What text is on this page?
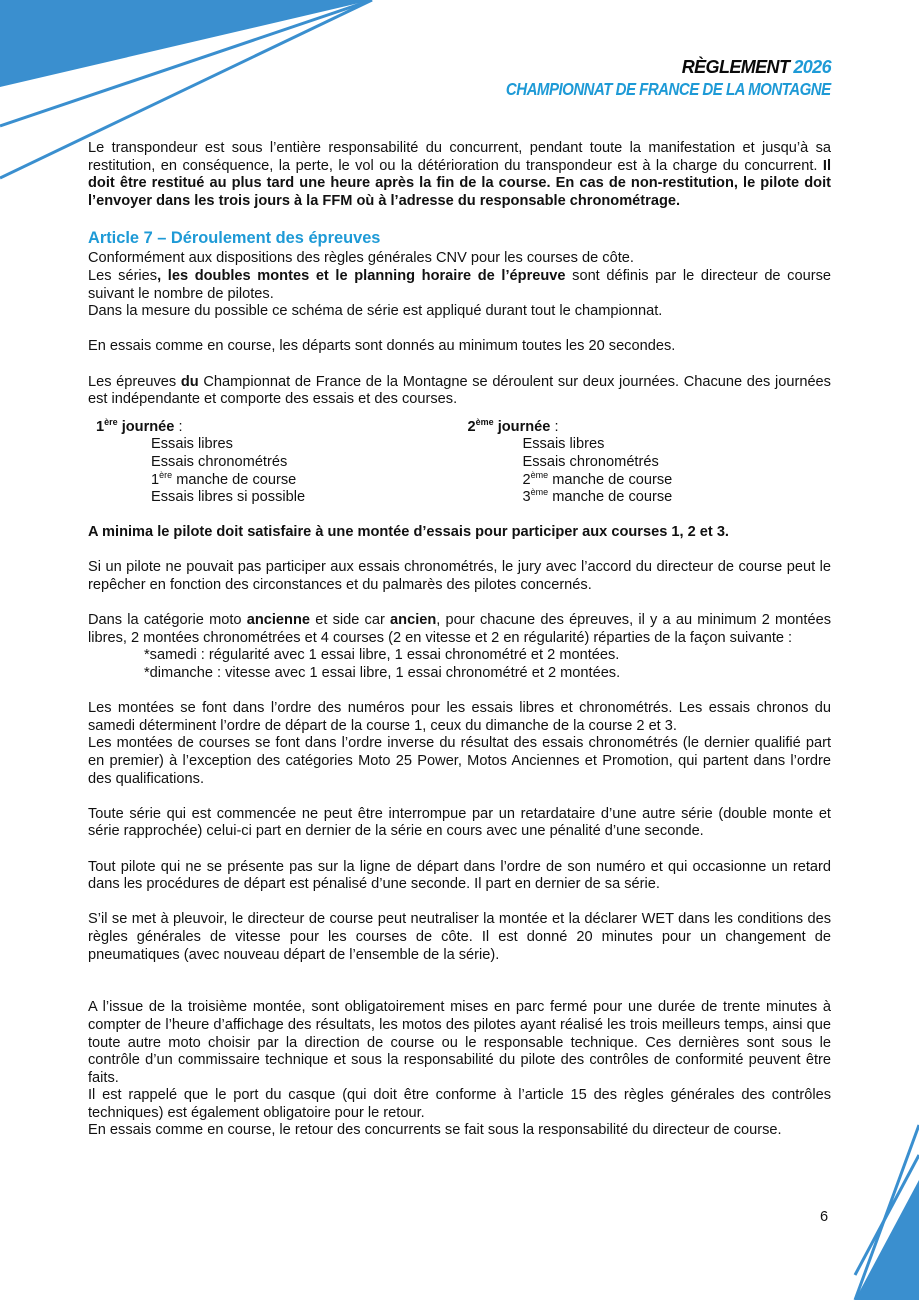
RÈGLEMENT 2026
CHAMPIONNAT DE FRANCE DE LA MONTAGNE

Le transpondeur est sous l’entière responsabilité du concurrent, pendant toute la manifestation et jusqu’à sa restitution, en conséquence, la perte, le vol ou la détérioration du transpondeur est à la charge du concurrent. Il doit être restitué au plus tard une heure après la fin de la course. En cas de non-restitution, le pilote doit l’envoyer dans les trois jours à la FFM où à l’adresse du responsable chronométrage.

Article 7 – Déroulement des épreuves

Conformément aux dispositions des règles générales CNV pour les courses de côte.

Les séries, les doubles montes et le planning horaire de l’épreuve sont définis par le directeur de course suivant le nombre de pilotes.

Dans la mesure du possible ce schéma de série est appliqué durant tout le championnat.

En essais comme en course, les départs sont donnés au minimum toutes les 20 secondes.

Les épreuves du Championnat de France de la Montagne se déroulent sur deux journées. Chacune des journées est indépendante et comporte des essais et des courses.

1ère journée :
Essais libres
Essais chronométrés
1ère manche de course
Essais libres si possible
2ème journée :
Essais libres
Essais chronométrés
2ème manche de course
3ème manche de course

A minima le pilote doit satisfaire à une montée d’essais pour participer aux courses 1, 2 et 3.

Si un pilote ne pouvait pas participer aux essais chronométrés, le jury avec l’accord du directeur de course peut le repêcher en fonction des circonstances et du palmarès des pilotes concernés.

Dans la catégorie moto ancienne et side car ancien, pour chacune des épreuves, il y a au minimum 2 montées libres, 2 montées chronométrées et 4 courses (2 en vitesse et 2 en régularité) réparties de la façon suivante :

*samedi : régularité avec 1 essai libre, 1 essai chronométré et 2 montées.

*dimanche : vitesse avec 1 essai libre, 1 essai chronométré et 2 montées.

Les montées se font dans l’ordre des numéros pour les essais libres et chronométrés. Les essais chronos du samedi déterminent l’ordre de départ de la course 1, ceux du dimanche de la course 2 et 3.

Les montées de courses se font dans l’ordre inverse du résultat des essais chronométrés (le dernier qualifié part en premier) à l’exception des catégories Moto 25 Power, Motos Anciennes et Promotion, qui partent dans l’ordre des qualifications.

Toute série qui est commencée ne peut être interrompue par un retardataire d’une autre série (double monte et série rapprochée) celui-ci part en dernier de la série en cours avec une pénalité d’une seconde.

Tout pilote qui ne se présente pas sur la ligne de départ dans l’ordre de son numéro et qui occasionne un retard dans les procédures de départ est pénalisé d’une seconde. Il part en dernier de sa série.

S’il se met à pleuvoir, le directeur de course peut neutraliser la montée et la déclarer WET dans les conditions des règles générales de vitesse pour les courses de côte. Il est donné 20 minutes pour un changement de pneumatiques (avec nouveau départ de l’ensemble de la série).

A l’issue de la troisième montée, sont obligatoirement mises en parc fermé pour une durée de trente minutes à compter de l’heure d’affichage des résultats, les motos des pilotes ayant réalisé les trois meilleurs temps, ainsi que toute autre moto choisir par la direction de course ou le responsable technique. Ces dernières sont sous le contrôle d’un commissaire technique et sous la responsabilité du pilote des contrôles de conformité peuvent être faits.

Il est rappelé que le port du casque (qui doit être conforme à l’article 15 des règles générales des contrôles techniques) est également obligatoire pour le retour.

En essais comme en course, le retour des concurrents se fait sous la responsabilité du directeur de course.

6
